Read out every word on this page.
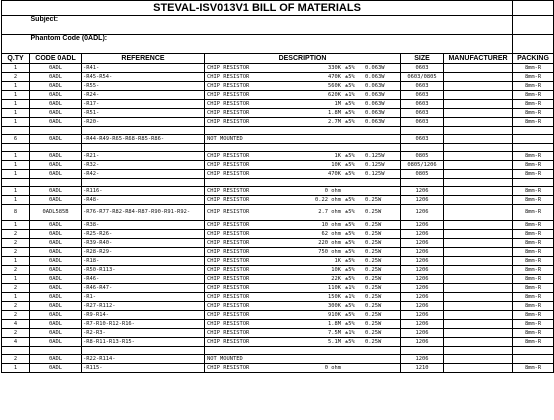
STEVAL-ISV013V1 BILL OF MATERIALS						
	Subject:					
	Phantom Code (0ADL):					
Q.TY	CODE 0ADL	REFERENCE	DESCRIPTION	SIZE	MANUFACTURER	PACKING
1	0ADL	-R41-	CHIP RESISTOR 330K ±5% 0.063W	0603		8mm-R
2	0ADL	-R45-R54-	CHIP RESISTOR 470K ±5% 0.063W	0603/0805		8mm-R
1	0ADL	-R55-	CHIP RESISTOR 560K ±5% 0.063W	0603		8mm-R
1	0ADL	-R24-	CHIP RESISTOR 620K ±1% 0.063W	0603		8mm-R
1	0ADL	-R17-	CHIP RESISTOR 1M ±5% 0.063W	0603		8mm-R
1	0ADL	-R51-	CHIP RESISTOR 1.8M ±5% 0.063W	0603		8mm-R
1	0ADL	-R20-	CHIP RESISTOR 2.7M ±5% 0.063W	0603		8mm-R

6	0ADL	-R44-R49-R65-R68-R85-R86-	NOT MOUNTED	0603		

1	0ADL	-R21-	CHIP RESISTOR 1K ±5% 0.125W	0805		8mm-R
1	0ADL	-R32-	CHIP RESISTOR 10K ±5% 0.125W	0805/1206		8mm-R
1	0ADL	-R42-	CHIP RESISTOR 470K ±5% 0.125W	0805		8mm-R

1	0ADL	-R116-	CHIP RESISTOR 0 ohm	1206		8mm-R
1	0ADL	-R48-	CHIP RESISTOR 0.22 ohm ±5% 0.25W	1206		8mm-R
8	0ADL585B	-R76-R77-R82-R84-R87-R90-R91-R92-	CHIP RESISTOR 2.7 ohm ±5% 0.25W	1206		8mm-R
1	0ADL	-R38-	CHIP RESISTOR 10 ohm ±5% 0.25W	1206		8mm-R
2	0ADL	-R25-R26-	CHIP RESISTOR 62 ohm ±5% 0.25W	1206		8mm-R
2	0ADL	-R39-R40-	CHIP RESISTOR 220 ohm ±5% 0.25W	1206		8mm-R
2	0ADL	-R28-R29-	CHIP RESISTOR 750 ohm ±5% 0.25W	1206		8mm-R
1	0ADL	-R18-	CHIP RESISTOR 1K ±5% 0.25W	1206		8mm-R
2	0ADL	-R50-R113-	CHIP RESISTOR 10K ±5% 0.25W	1206		8mm-R
1	0ADL	-R46-	CHIP RESISTOR 22K ±5% 0.25W	1206		8mm-R
2	0ADL	-R46-R47-	CHIP RESISTOR 110K ±1% 0.25W	1206		8mm-R
1	0ADL	-R1-	CHIP RESISTOR 150K ±1% 0.25W	1206		8mm-R
2	0ADL	-R27-R112-	CHIP RESISTOR 300K ±5% 0.25W	1206		8mm-R
2	0ADL	-R9-R14-	CHIP RESISTOR 910K ±5% 0.25W	1206		8mm-R
4	0ADL	-R7-R10-R12-R16-	CHIP RESISTOR 1.8M ±5% 0.25W	1206		8mm-R
2	0ADL	-R2-R3-	CHIP RESISTOR 7.5M ±1% 0.25W	1206		8mm-R
4	0ADL	-R8-R11-R13-R15-	CHIP RESISTOR 5.1M ±5% 0.25W	1206		8mm-R

2	0ADL	-R22-R114-	NOT MOUNTED	1206		
1	0ADL	-R115-	CHIP RESISTOR 0 ohm	1210		8mm-R
